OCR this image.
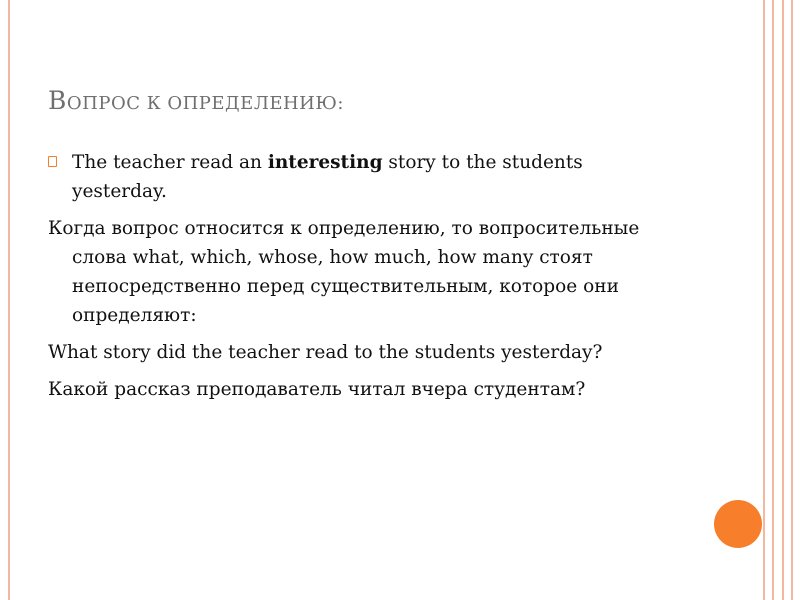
ВОПРОС К ОПРЕДЕЛЕНИЮ:
The teacher read an interesting story to the students yesterday.
Когда вопрос относится к определению, то вопросительные слова what, which, whose, how much, how many стоят непосредственно перед существительным, которое они определяют:
What story did the teacher read to the students yesterday?
Какой рассказ преподаватель читал вчера студентам?
